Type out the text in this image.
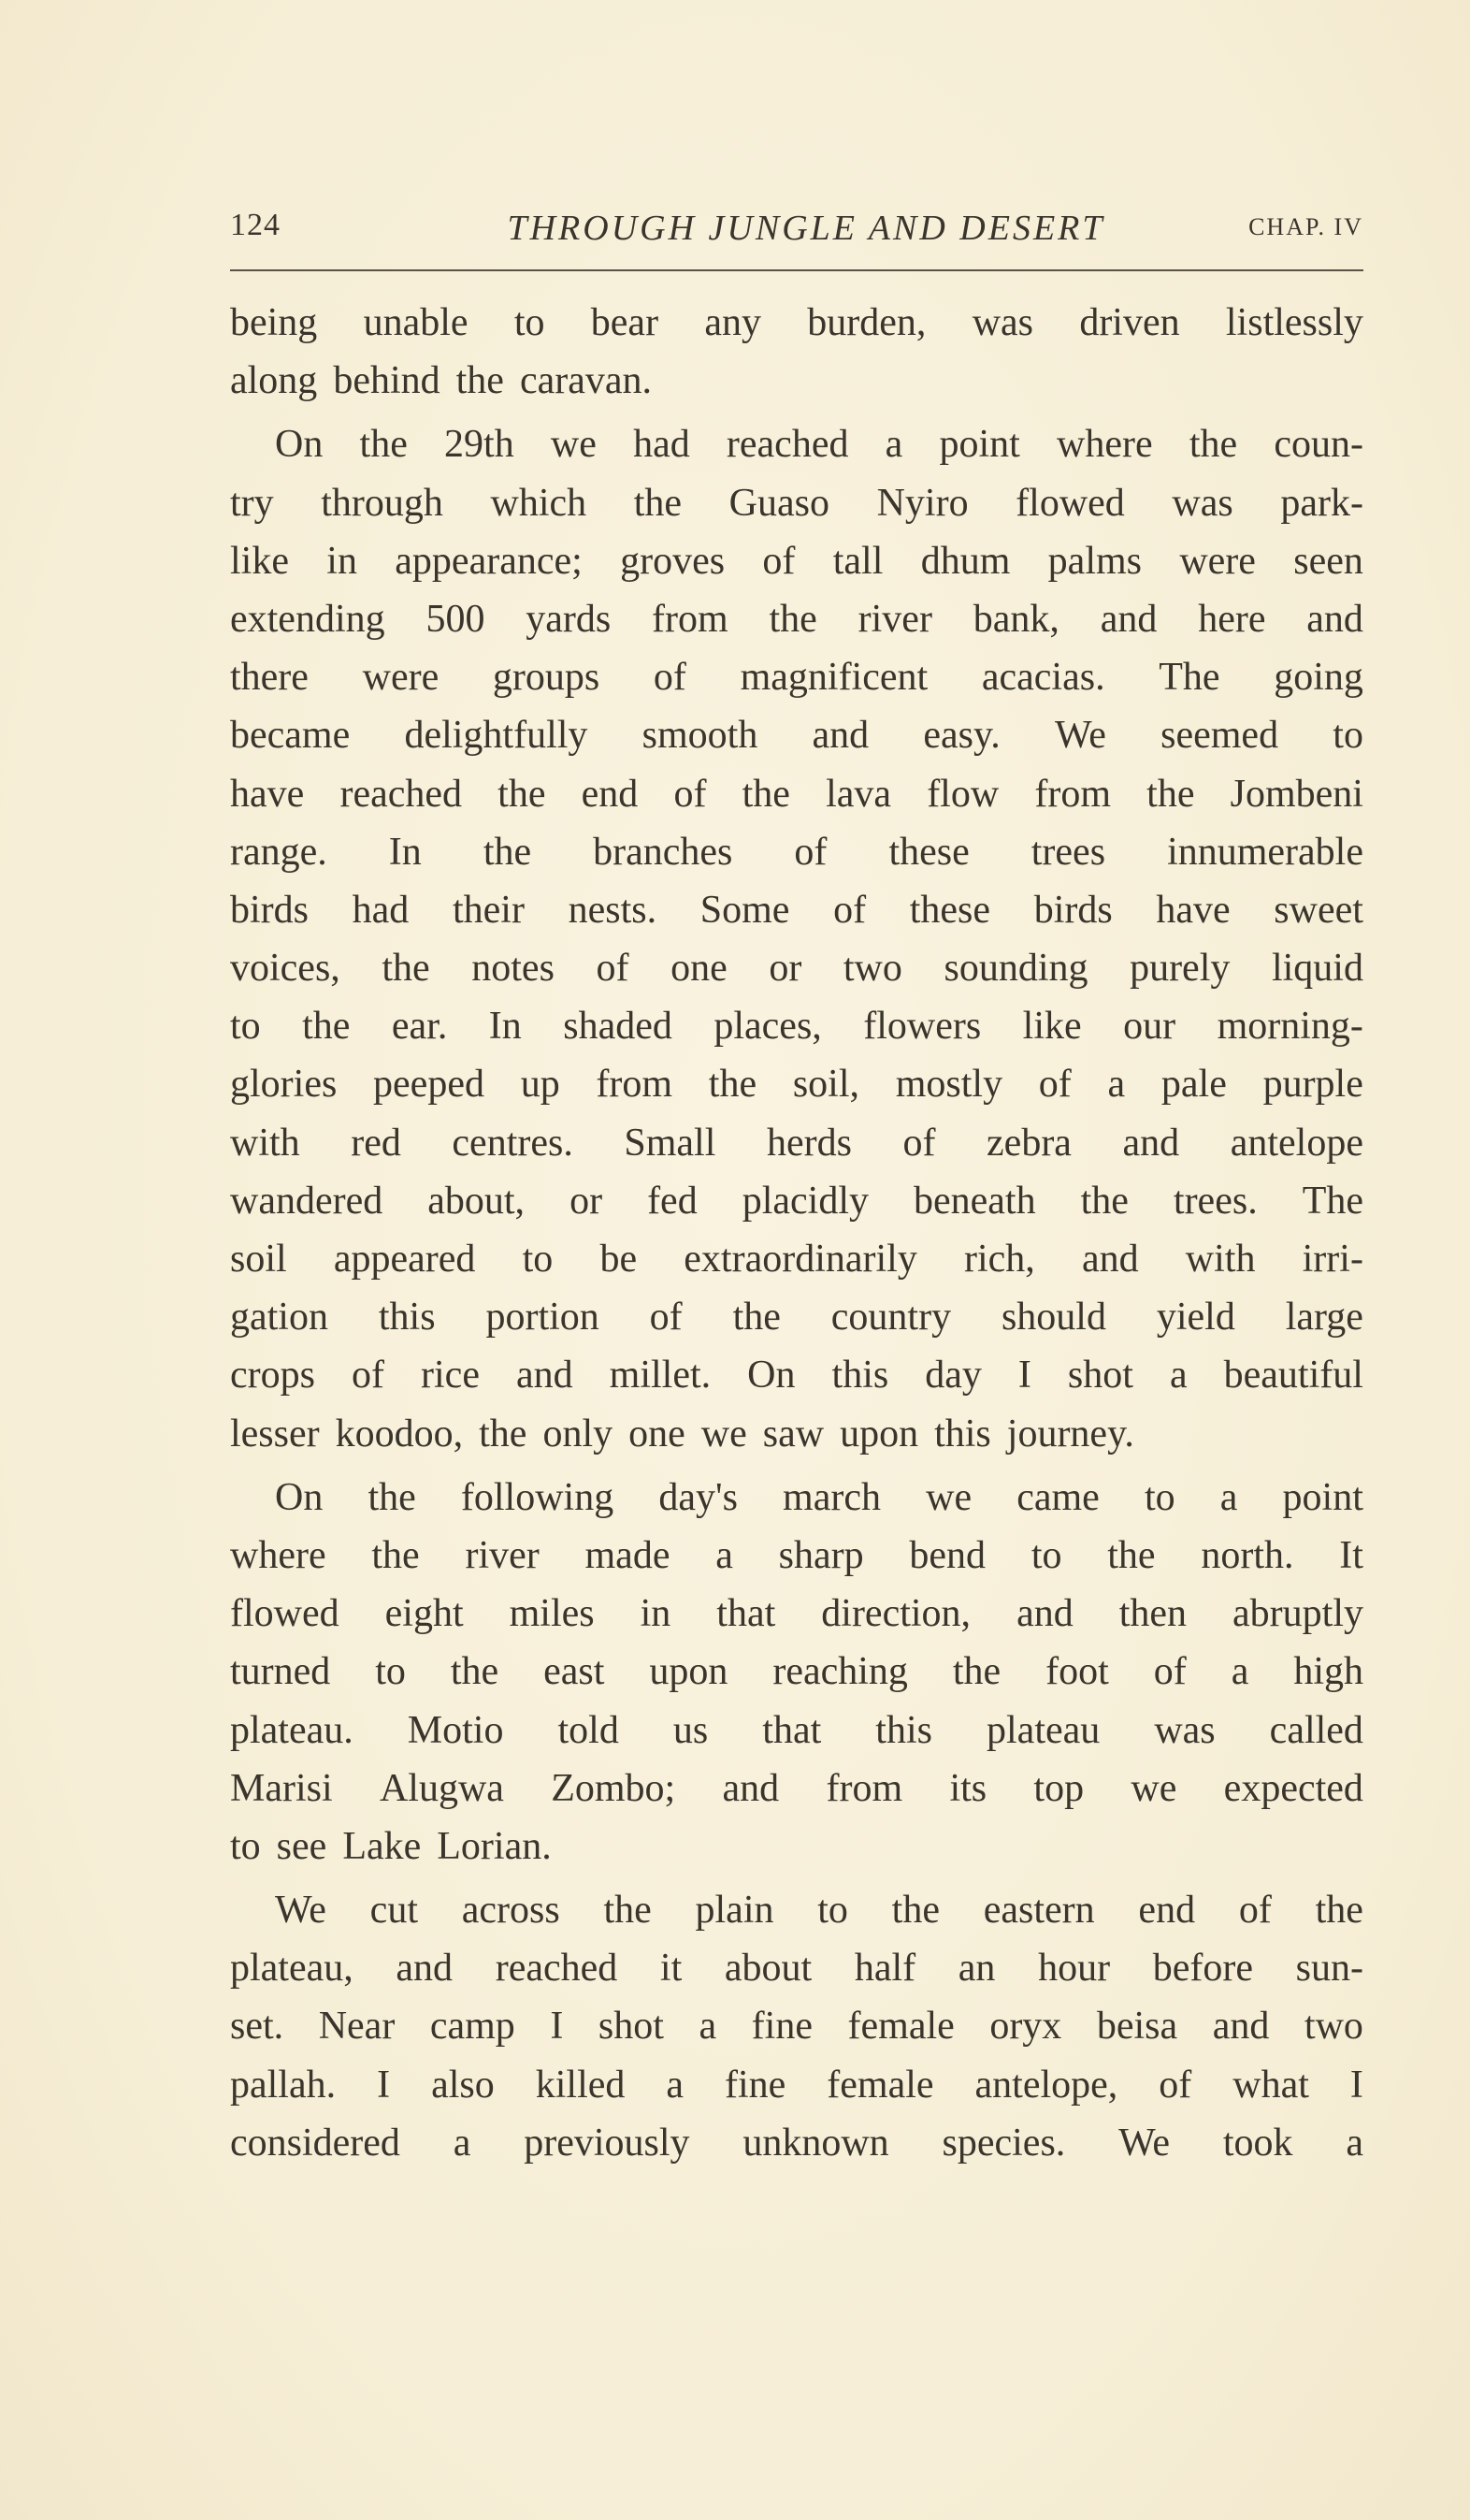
124	THROUGH JUNGLE AND DESERT	CHAP. IV
being unable to bear any burden, was driven listlessly
along behind the caravan.
On the 29th we had reached a point where the coun-
try through which the Guaso Nyiro flowed was park-
like in appearance; groves of tall dhum palms were seen
extending 500 yards from the river bank, and here and
there were groups of magnificent acacias. The going
became delightfully smooth and easy. We seemed to
have reached the end of the lava flow from the Jombeni
range. In the branches of these trees innumerable
birds had their nests. Some of these birds have sweet
voices, the notes of one or two sounding purely liquid
to the ear. In shaded places, flowers like our morning-
glories peeped up from the soil, mostly of a pale purple
with red centres. Small herds of zebra and antelope
wandered about, or fed placidly beneath the trees. The
soil appeared to be extraordinarily rich, and with irri-
gation this portion of the country should yield large
crops of rice and millet. On this day I shot a beautiful
lesser koodoo, the only one we saw upon this journey.
On the following day's march we came to a point
where the river made a sharp bend to the north. It
flowed eight miles in that direction, and then abruptly
turned to the east upon reaching the foot of a high
plateau. Motio told us that this plateau was called
Marisi Alugwa Zombo; and from its top we expected
to see Lake Lorian.
We cut across the plain to the eastern end of the
plateau, and reached it about half an hour before sun-
set. Near camp I shot a fine female oryx beisa and two
pallah. I also killed a fine female antelope, of what I
considered a previously unknown species. We took a
